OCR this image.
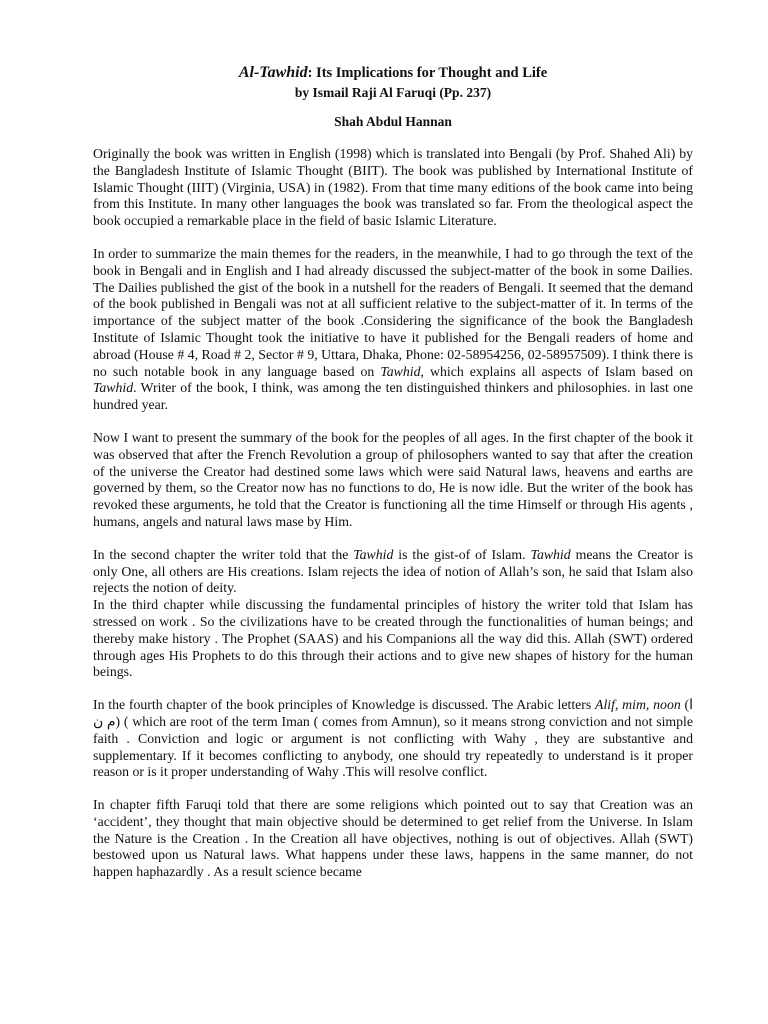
Al-Tawhid: Its Implications for Thought and Life
by Ismail Raji Al Faruqi (Pp. 237)
Shah Abdul Hannan

Originally the book was written in English (1998) which is translated into Bengali (by Prof. Shahed Ali) by the Bangladesh Institute of Islamic Thought (BIIT). The book was published by International Institute of Islamic Thought (IIIT) (Virginia, USA) in (1982). From that time many editions of the book came into being from this Institute. In many other languages the book was translated so far. From the theological aspect the book occupied a remarkable place in the field of basic Islamic Literature.

In order to summarize the main themes for the readers, in the meanwhile, I had to go through the text of the book in Bengali and in English and I had already discussed the subject-matter of the book in some Dailies. The Dailies published the gist of the book in a nutshell for the readers of Bengali. It seemed that the demand of the book published in Bengali was not at all sufficient relative to the subject-matter of it. In terms of the importance of the subject matter of the book .Considering the significance of the book the Bangladesh Institute of Islamic Thought took the initiative to have it published for the Bengali readers of home and abroad (House # 4, Road # 2, Sector # 9, Uttara, Dhaka, Phone: 02-58954256, 02-58957509). I think there is no such notable book in any language based on Tawhid, which explains all aspects of Islam based on Tawhid. Writer of the book, I think, was among the ten distinguished thinkers and philosophies. in last one hundred year.

Now I want to present the summary of the book for the peoples of all ages. In the first chapter of the book it was observed that after the French Revolution a group of philosophers wanted to say that after the creation of the universe the Creator had destined some laws which were said Natural laws, heavens and earths are governed by them, so the Creator now has no functions to do, He is now idle. But the writer of the book has revoked these arguments, he told that the Creator is functioning all the time Himself or through His agents , humans, angels and natural laws mase by Him.

In the second chapter the writer told that the Tawhid is the gist-of of Islam. Tawhid means the Creator is only One, all others are His creations. Islam rejects the idea of notion of Allah’s son, he said that Islam also rejects the notion of deity.

In the third chapter while discussing the fundamental principles of history the writer told that Islam has stressed on work . So the civilizations have to be created through the functionalities of human beings; and thereby make history . The Prophet (SAAS) and his Companions all the way did this. Allah (SWT) ordered through ages His Prophets to do this through their actions and to give new shapes of history for the human beings.

In the fourth chapter of the book principles of Knowledge is discussed. The Arabic letters Alif, mim, noon (ا م ن) ( which are root of the term Iman ( comes from Amnun), so it means strong conviction and not simple faith . Conviction and logic or argument is not conflicting with Wahy , they are substantive and supplementary. If it becomes conflicting to anybody, one should try repeatedly to understand is it proper reason or is it proper understanding of Wahy .This will resolve conflict.

In chapter fifth Faruqi told that there are some religions which pointed out to say that Creation was an ‘accident’, they thought that main objective should be determined to get relief from the Universe. In Islam the Nature is the Creation . In the Creation all have objectives, nothing is out of objectives. Allah (SWT) bestowed upon us Natural laws. What happens under these laws, happens in the same manner, do not happen haphazardly . As a result science became
